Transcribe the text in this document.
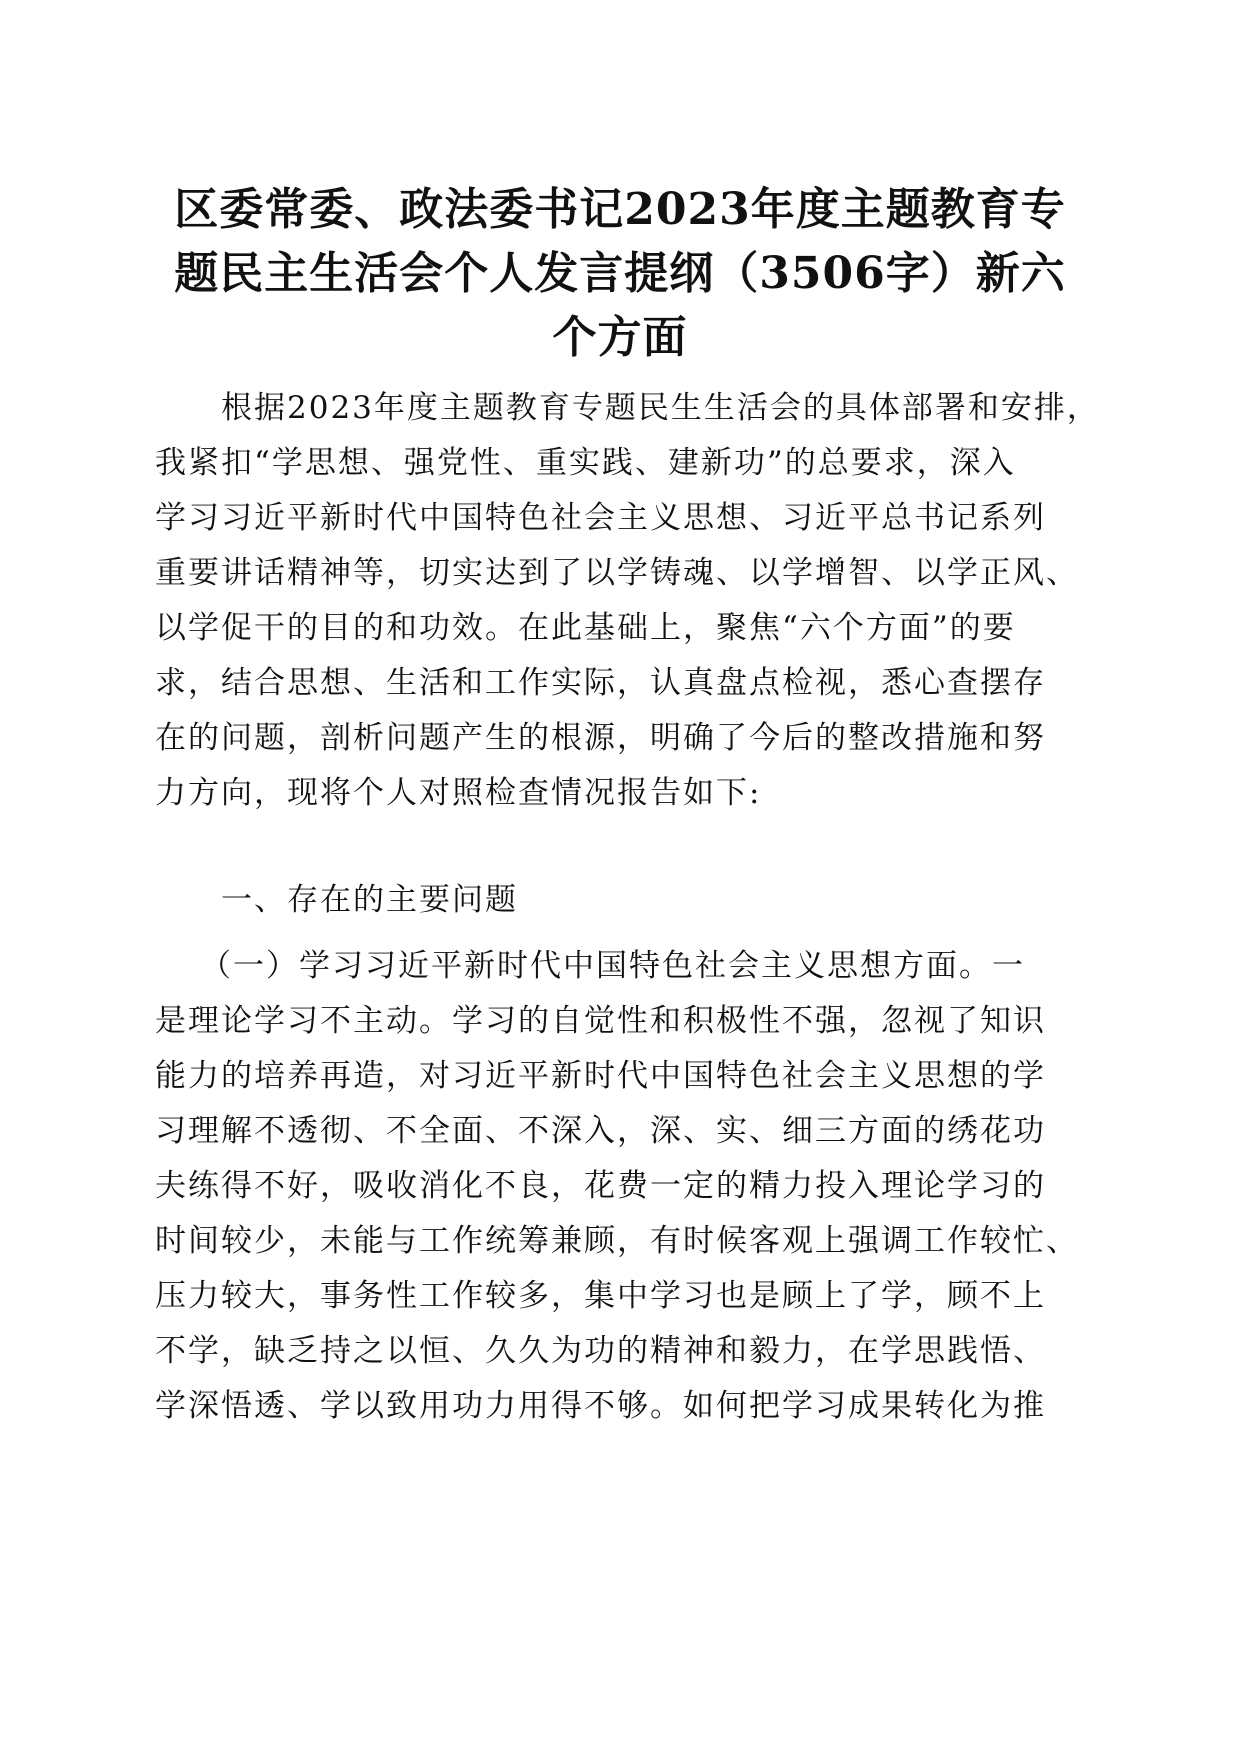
区委常委、政法委书记2023年度主题教育专
题民主生活会个人发言提纲（3506字）新六
个方面
根据2023年度主题教育专题民生生活会的具体部署和安排，
我紧扣“学思想、强党性、重实践、建新功”的总要求，深入
学习习近平新时代中国特色社会主义思想、习近平总书记系列
重要讲话精神等，切实达到了以学铸魂、以学增智、以学正风、
以学促干的目的和功效。在此基础上，聚焦“六个方面”的要
求，结合思想、生活和工作实际，认真盘点检视，悉心查摆存
在的问题，剖析问题产生的根源，明确了今后的整改措施和努
力方向，现将个人对照检查情况报告如下:
一、存在的主要问题
（一）学习习近平新时代中国特色社会主义思想方面。一
是理论学习不主动。学习的自觉性和积极性不强，忽视了知识
能力的培养再造，对习近平新时代中国特色社会主义思想的学
习理解不透彻、不全面、不深入，深、实、细三方面的绣花功
夫练得不好，吸收消化不良，花费一定的精力投入理论学习的
时间较少，未能与工作统筹兼顾，有时候客观上强调工作较忙、
压力较大，事务性工作较多，集中学习也是顾上了学，顾不上
不学，缺乏持之以恒、久久为功的精神和毅力，在学思践悟、
学深悟透、学以致用功力用得不够。如何把学习成果转化为推
